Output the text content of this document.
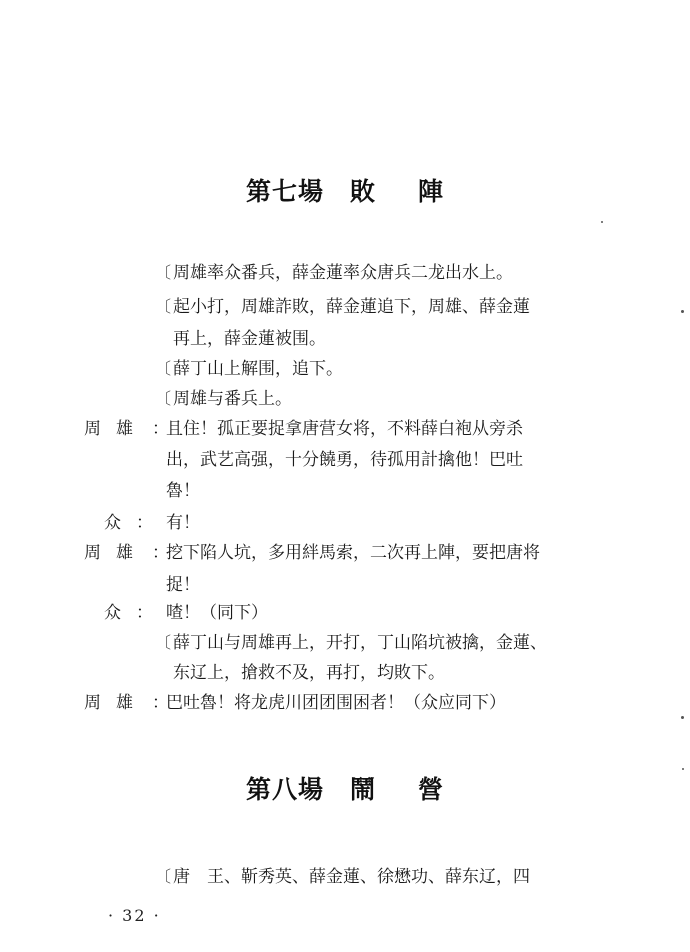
第七場 敗 陣
〔 周雄率众番兵，薛金蓮率众唐兵二龙出水上。
〔 起小打，周雄詐敗，薛金蓮追下，周雄、薛金蓮
再上，薛金蓮被围。
〔 薛丁山上解围，追下。
〔 周雄与番兵上。
周 雄 ：
且住！孤正要捉拿唐营女将，不料薛白袍从旁杀
出，武艺高强，十分饒勇，待孤用計擒他！巴吐
魯！
众 ： 有！
周 雄 ：
挖下陷人坑，多用絆馬索，二次再上陣，要把唐将
捉！
众 ： 喳！（同下）
〔 薛丁山与周雄再上，开打，丁山陷坑被擒，金蓮、
东辽上，搶救不及，再打，均敗下。
周 雄 ：
巴吐魯！将龙虎川团团围困者！（众应同下）
第八場 鬧 營
〔 唐　王、靳秀英、薛金蓮、徐懋功、薛东辽，四
· 32 ·
